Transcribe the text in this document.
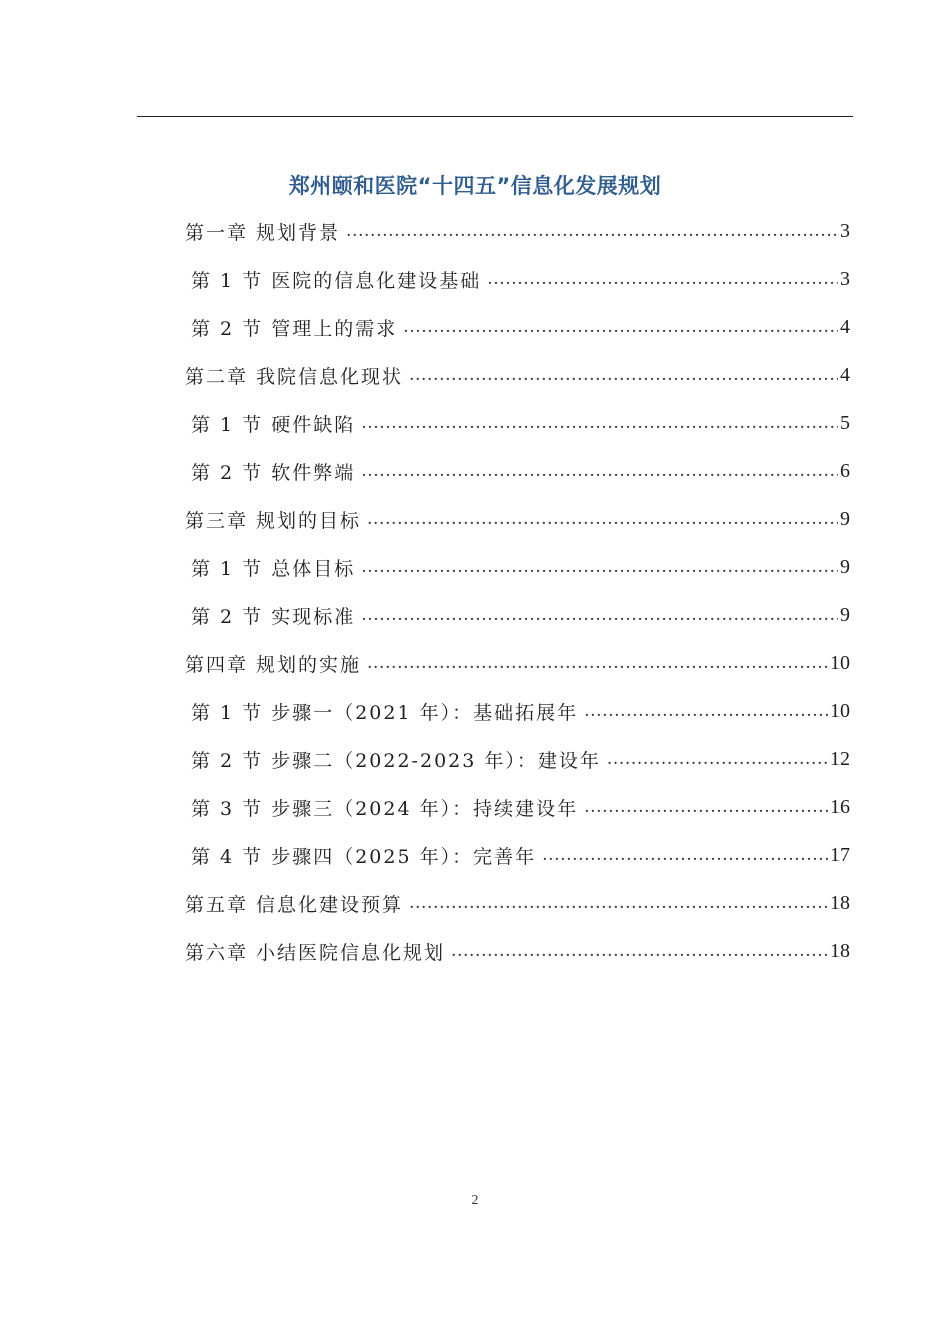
郑州颐和医院“十四五”信息化发展规划
第一章 规划背景 .....	3
第 1 节 医院的信息化建设基础 .....	3
第 2 节 管理上的需求 .....	4
第二章 我院信息化现状 .....	4
第 1 节 硬件缺陷 .....	5
第 2 节 软件弊端 .....	6
第三章 规划的目标 .....	9
第 1 节 总体目标 .....	9
第 2 节 实现标准 .....	9
第四章 规划的实施 .....	10
第 1 节 步骤一（2021 年）：基础拓展年 .....	10
第 2 节 步骤二（2022-2023 年）：建设年 .....	12
第 3 节 步骤三（2024 年）：持续建设年 .....	16
第 4 节 步骤四（2025 年）：完善年 .....	17
第五章 信息化建设预算 .....	18
第六章 小结医院信息化规划 .....	18
2
